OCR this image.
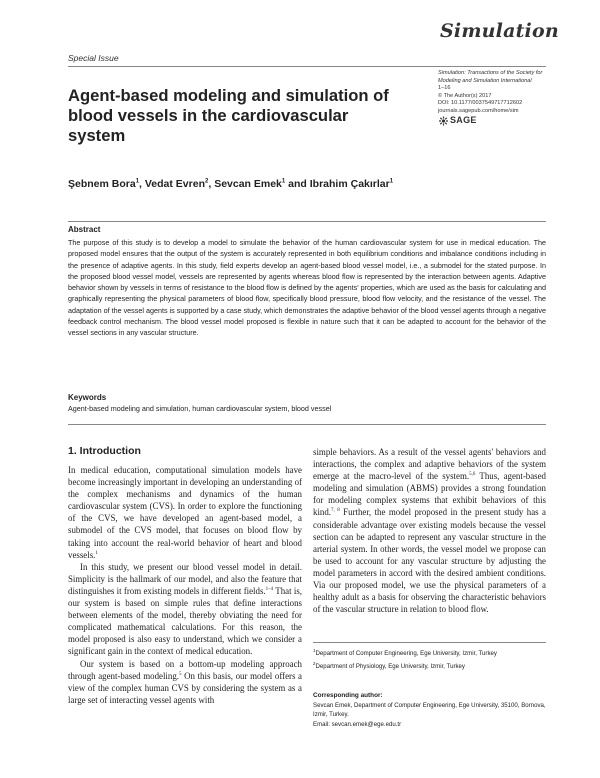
Simulation
Special Issue
Simulation: Transactions of the Society for Modeling and Simulation International
1–16
© The Author(s) 2017
DOI: 10.1177/0037549717712602
journals.sagepub.com/home/sim
SAGE
Agent-based modeling and simulation of blood vessels in the cardiovascular system
Şebnem Bora$^1$, Vedat Evren$^2$, Sevcan Emek$^1$ and Ibrahim Çakırlar$^1$
Abstract
The purpose of this study is to develop a model to simulate the behavior of the human cardiovascular system for use in medical education. The proposed model ensures that the output of the system is accurately represented in both equilibrium conditions and imbalance conditions including in the presence of adaptive agents. In this study, field experts develop an agent-based blood vessel model, i.e., a submodel for the stated purpose. In the proposed blood vessel model, vessels are represented by agents whereas blood flow is represented by the interaction between agents. Adaptive behavior shown by vessels in terms of resistance to the blood flow is defined by the agents' properties, which are used as the basis for calculating and graphically representing the physical parameters of blood flow, specifically blood pressure, blood flow velocity, and the resistance of the vessel. The adaptation of the vessel agents is supported by a case study, which demonstrates the adaptive behavior of the blood vessel agents through a negative feedback control mechanism. The blood vessel model proposed is flexible in nature such that it can be adapted to account for the behavior of the vessel sections in any vascular structure.
Keywords
Agent-based modeling and simulation, human cardiovascular system, blood vessel
1. Introduction

In medical education, computational simulation models have become increasingly important in developing an understanding of the complex mechanisms and dynamics of the human cardiovascular system (CVS). In order to explore the functioning of the CVS, we have developed an agent-based model, a submodel of the CVS model, that focuses on blood flow by taking into account the real-world behavior of heart and blood vessels.$^1$

In this study, we present our blood vessel model in detail. Simplicity is the hallmark of our model, and also the feature that distinguishes it from existing models in different fields.$^{1-4}$ That is, our system is based on simple rules that define interactions between elements of the model, thereby obviating the need for complicated mathematical calculations. For this reason, the model proposed is also easy to understand, which we consider a significant gain in the context of medical education.

Our system is based on a bottom-up modeling approach through agent-based modeling.$^5$ On this basis, our model offers a view of the complex human CVS by considering the system as a large set of interacting vessel agents with

simple behaviors. As a result of the vessel agents' behaviors and interactions, the complex and adaptive behaviors of the system emerge at the macro-level of the system.$^{5,6}$ Thus, agent-based modeling and simulation (ABMS) provides a strong foundation for modeling complex systems that exhibit behaviors of this kind.$^{7, 8}$ Further, the model proposed in the present study has a considerable advantage over existing models because the vessel section can be adapted to represent any vascular structure in the arterial system. In other words, the vessel model we propose can be used to account for any vascular structure by adjusting the model parameters in accord with the desired ambient conditions. Via our proposed model, we use the physical parameters of a healthy adult as a basis for observing the characteristic behaviors of the vascular structure in relation to blood flow.

$^1$Department of Computer Engineering, Ege University, Izmir, Turkey
$^2$Department of Physiology, Ege University, Izmir, Turkey
Corresponding author:
Sevcan Emek, Department of Computer Engineering, Ege University, 35100, Bornova, Izmir, Turkey.
Email: sevcan.emek@ege.edu.tr
